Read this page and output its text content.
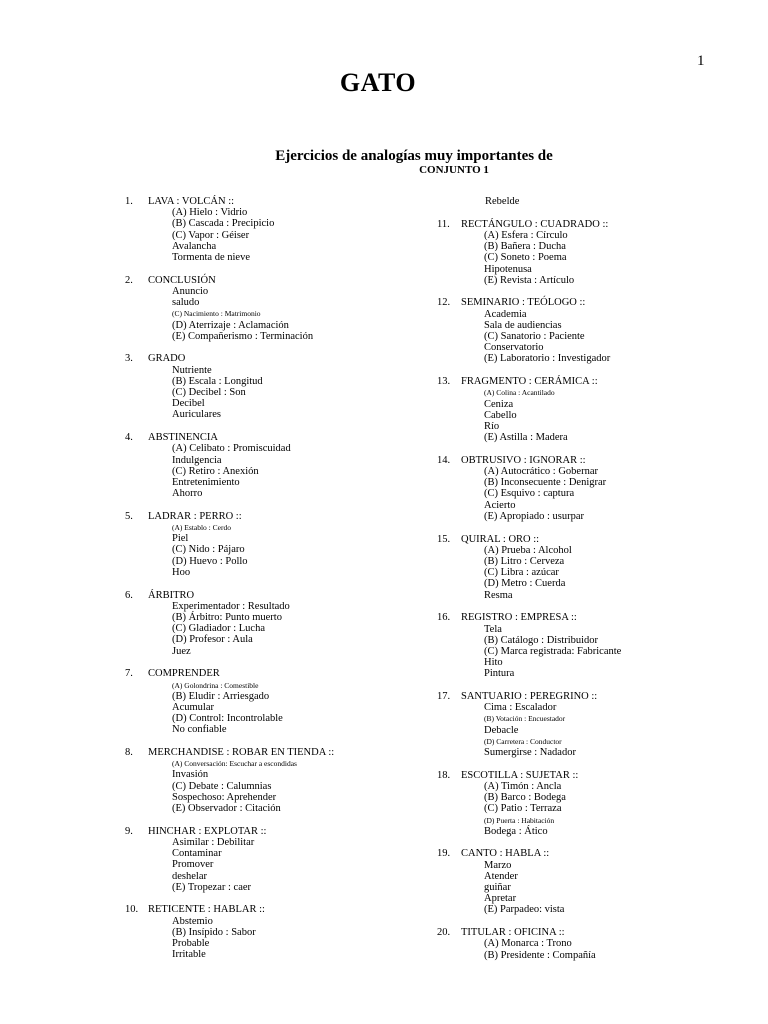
1
GATO
Ejercicios de analogías muy importantes de
CONJUNTO 1
1. LAVA : VOLCÁN ::
(A) Hielo : Vidrio
(B) Cascada : Precipicio
(C) Vapor : Géiser
Avalancha
Tormenta de nieve
2. CONCLUSIÓN
Anuncio
saludo
(C) Nacimiento : Matrimonio
(D) Aterrizaje : Aclamación
(E) Compañerismo : Terminación
3. GRADO
Nutriente
(B) Escala : Longitud
(C) Decibel : Son
Decibel
Auriculares
4. ABSTINENCIA
(A) Celibato : Promiscuidad
Indulgencia
(C) Retiro : Anexión
Entretenimiento
Ahorro
5. LADRAR : PERRO ::
(A) Establo : Cerdo
Piel
(C) Nido : Pájaro
(D) Huevo : Pollo
Hoo
6. ÁRBITRO
Experimentador : Resultado
(B) Árbitro: Punto muerto
(C) Gladiador : Lucha
(D) Profesor : Aula
Juez
7. COMPRENDER
(A) Golondrina : Comestible
(B) Eludir : Arriesgado
Acumular
(D) Control: Incontrolable
No confiable
8. MERCHANDISE : ROBAR EN TIENDA ::
(A) Conversación: Escuchar a escondidas
Invasión
(C) Debate : Calumnias
Sospechoso: Aprehender
(E) Observador : Citación
9. HINCHAR : EXPLOTAR ::
Asimilar : Debilitar
Contaminar
Promover
deshelar
(E) Tropezar : caer
10. RETICENTE : HABLAR ::
Abstemio
(B) Insípido : Sabor
Probable
Irritable
Rebelde
11. RECTÁNGULO : CUADRADO ::
(A) Esfera : Círculo
(B) Bañera : Ducha
(C) Soneto : Poema
Hipotenusa
(E) Revista : Artículo
12. SEMINARIO : TEÓLOGO ::
Academia
Sala de audiencias
(C) Sanatorio : Paciente
Conservatorio
(E) Laboratorio : Investigador
13. FRAGMENTO : CERÁMICA ::
(A) Colina : Acantilado
Ceniza
Cabello
Río
(E) Astilla : Madera
14. OBTRUSIVO : IGNORAR ::
(A) Autocrático : Gobernar
(B) Inconsecuente : Denigrar
(C) Esquivo : captura
Acierto
(E) Apropiado : usurpar
15. QUIRAL : ORO ::
(A) Prueba : Alcohol
(B) Litro : Cerveza
(C) Libra : azúcar
(D) Metro : Cuerda
Resma
16. REGISTRO : EMPRESA ::
Tela
(B) Catálogo : Distribuidor
(C) Marca registrada: Fabricante
Hito
Pintura
17. SANTUARIO : PEREGRINO ::
Cima : Escalador
(B) Votación : Encuestador
Debacle
(D) Carretera : Conductor
Sumergirse : Nadador
18. ESCOTILLA : SUJETAR ::
(A) Timón : Ancla
(B) Barco : Bodega
(C) Patio : Terraza
(D) Puerta : Habitación
Bodega : Ático
19. CANTO : HABLA ::
Marzo
Atender
guiñar
Apretar
(E) Parpadeo: vista
20. TITULAR : OFICINA ::
(A) Monarca : Trono
(B) Presidente : Compañía
